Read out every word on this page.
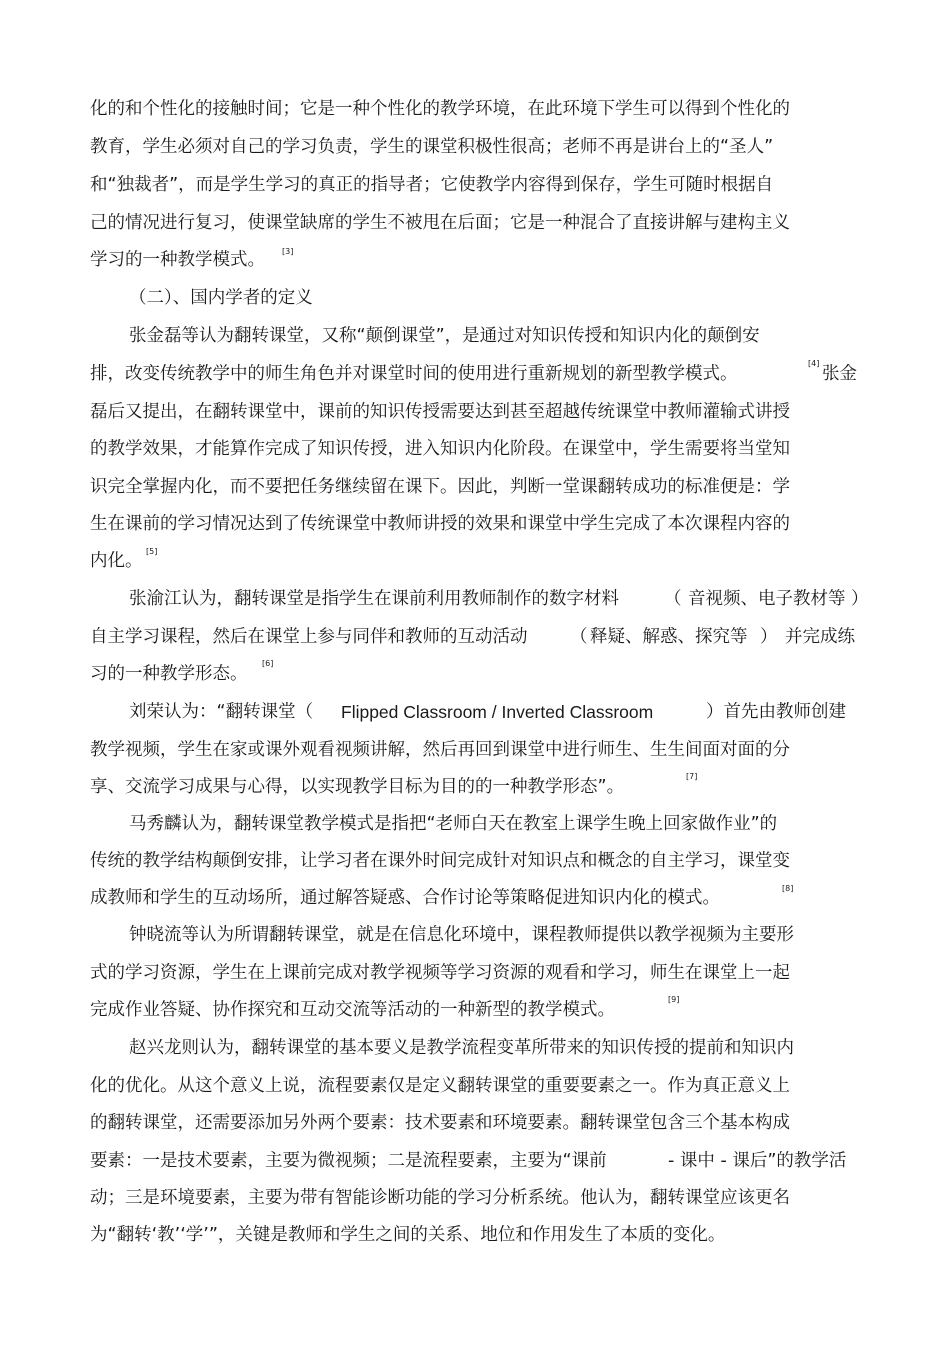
化的和个性化的接触时间；它是一种个性化的教学环境，在此环境下学生可以得到个性化的
教育，学生必须对自己的学习负责，学生的课堂积极性很高；老师不再是讲台上的“圣人”
和“独裁者”，而是学生学习的真正的指导者；它使教学内容得到保存，学生可随时根据自
己的情况进行复习，使课堂缺席的学生不被甩在后面；它是一种混合了直接讲解与建构主义
学习的一种教学模式。 [3]
（二）、国内学者的定义
张金磊等认为翻转课堂，又称“颠倒课堂”，是通过对知识传授和知识内化的颠倒安
排，改变传统教学中的师生角色并对课堂时间的使用进行重新规划的新型教学模式。
[4]
张金
磊后又提出，在翻转课堂中，课前的知识传授需要达到甚至超越传统课堂中教师灌输式讲授
的教学效果，才能算作完成了知识传授，进入知识内化阶段。在课堂中，学生需要将当堂知
识完全掌握内化，而不要把任务继续留在课下。因此，判断一堂课翻转成功的标准便是：学
生在课前的学习情况达到了传统课堂中教师讲授的效果和课堂中学生完成了本次课程内容的
内化。 [5]
张渝江认为，翻转课堂是指学生在课前利用教师制作的数字材料	（ 音视频、电子教材等 ）
自主学习课程，然后在课堂上参与同伴和教师的互动活动 （ 释疑、解惑、探究等 ） 并完成练
习的一种教学形态。
[6]
刘荣认为：“翻转课堂（ Flipped Classroom / Inverted Classroom	）首先由教师创建
教学视频，学生在家或课外观看视频讲解，然后再回到课堂中进行师生、生生间面对面的分
享、交流学习成果与心得，以实现教学目标为目的的一种教学形态”。
[7]
马秀麟认为，翻转课堂教学模式是指把“老师白天在教室上课学生晚上回家做作业”的
传统的教学结构颠倒安排，让学习者在课外时间完成针对知识点和概念的自主学习，课堂变
成教师和学生的互动场所，通过解答疑惑、合作讨论等策略促进知识内化的模式。	[8]
钟晓流等认为所谓翻转课堂，就是在信息化环境中，课程教师提供以教学视频为主要形
式的学习资源，学生在上课前完成对教学视频等学习资源的观看和学习，师生在课堂上一起
完成作业答疑、协作探究和互动交流等活动的一种新型的教学模式。
[9]
赵兴龙则认为，翻转课堂的基本要义是教学流程变革所带来的知识传授的提前和知识内
化的优化。从这个意义上说，流程要素仅是定义翻转课堂的重要要素之一。作为真正意义上
的翻转课堂，还需要添加另外两个要素：技术要素和环境要素。翻转课堂包含三个基本构成
要素：一是技术要素，主要为微视频；二是流程要素，主要为“课前	- 课中 - 课后”的教学活
动；三是环境要素，主要为带有智能诊断功能的学习分析系统。他认为，翻转课堂应该更名
为“翻转‘教’‘学’”，关键是教师和学生之间的关系、地位和作用发生了本质的变化。
